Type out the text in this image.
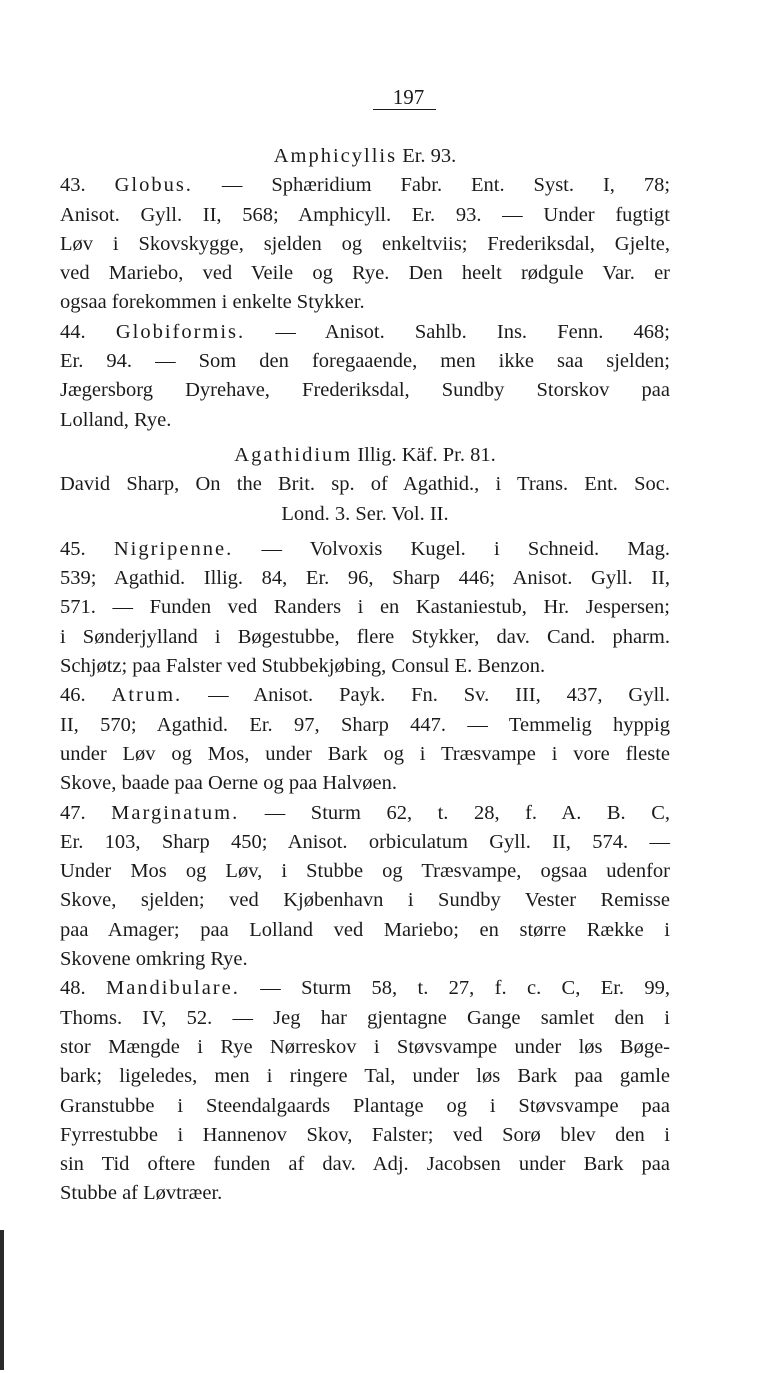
197

Amphicyllis Er. 93.

43. Globus. — Sphæridium Fabr. Ent. Syst. I, 78;
Anisot. Gyll. II, 568; Amphicyll. Er. 93. — Under fugtigt
Løv i Skovskygge, sjelden og enkeltviis; Frederiksdal, Gjelte,
ved Mariebo, ved Veile og Rye. Den heelt rødgule Var. er
ogsaa forekommen i enkelte Stykker.
44. Globiformis. — Anisot. Sahlb. Ins. Fenn. 468;
Er. 94. — Som den foregaaende, men ikke saa sjelden;
Jægersborg Dyrehave, Frederiksdal, Sundby Storskov paa
Lolland, Rye.

Agathidium Illig. Käf. Pr. 81.

David Sharp, On the Brit. sp. of Agathid., i Trans. Ent. Soc.
Lond. 3. Ser. Vol. II.
45. Nigripenne. — Volvoxis Kugel. i Schneid. Mag.
539; Agathid. Illig. 84, Er. 96, Sharp 446; Anisot. Gyll. II,
571. — Funden ved Randers i en Kastaniestub, Hr. Jespersen;
i Sønderjylland i Bøgestubbe, flere Stykker, dav. Cand. pharm.
Schjøtz; paa Falster ved Stubbekjøbing, Consul E. Benzon.
46. Atrum. — Anisot. Payk. Fn. Sv. III, 437, Gyll.
II, 570; Agathid. Er. 97, Sharp 447. — Temmelig hyppig
under Løv og Mos, under Bark og i Træsvampe i vore fleste
Skove, baade paa Oerne og paa Halvøen.
47. Marginatum. — Sturm 62, t. 28, f. A. B. C,
Er. 103, Sharp 450; Anisot. orbiculatum Gyll. II, 574. —
Under Mos og Løv, i Stubbe og Træsvampe, ogsaa udenfor
Skove, sjelden; ved Kjøbenhavn i Sundby Vester Remisse
paa Amager; paa Lolland ved Mariebo; en større Række i
Skovene omkring Rye.
48. Mandibulare. — Sturm 58, t. 27, f. c. C, Er. 99,
Thoms. IV, 52. — Jeg har gjentagne Gange samlet den i
stor Mængde i Rye Nørreskov i Støvsvampe under løs Bøge-
bark; ligeledes, men i ringere Tal, under løs Bark paa gamle
Granstubbe i Steendalgaards Plantage og i Støvsvampe paa
Fyrrestubbe i Hannenov Skov, Falster; ved Sorø blev den i
sin Tid oftere funden af dav. Adj. Jacobsen under Bark paa
Stubbe af Løvtræer.
